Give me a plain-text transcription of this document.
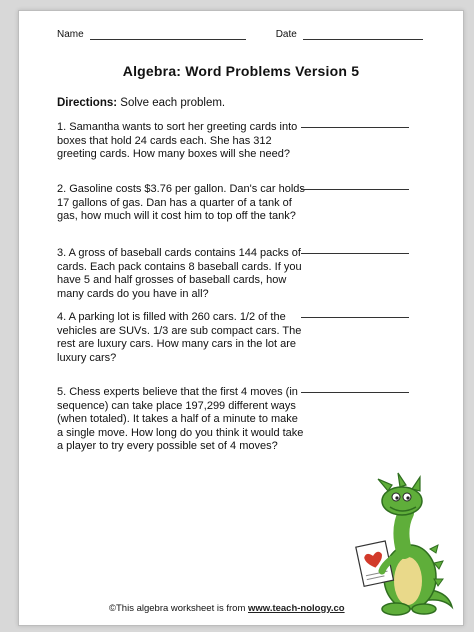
Name	Date
Algebra: Word Problems Version 5
Directions: Solve each problem.
1. Samantha wants to sort her greeting cards into boxes that hold 24 cards each. She has 312 greeting cards. How many boxes will she need?
2. Gasoline costs $3.76 per gallon. Dan's car holds 17 gallons of gas. Dan has a quarter of a tank of gas, how much will it cost him to top off the tank?
3. A gross of baseball cards contains 144 packs of cards. Each pack contains 8 baseball cards. If you have 5 and half grosses of baseball cards, how many cards do you have in all?
4. A parking lot is filled with 260 cars. 1/2 of the vehicles are SUVs. 1/3 are sub compact cars. The rest are luxury cars. How many cars in the lot are luxury cars?
5. Chess experts believe that the first 4 moves (in sequence) can take place 197,299 different ways (when totaled). It takes a half of a minute to make a single move. How long do you think it would take a player to try every possible set of 4 moves?
©This algebra worksheet is from www.teach-nology.co
